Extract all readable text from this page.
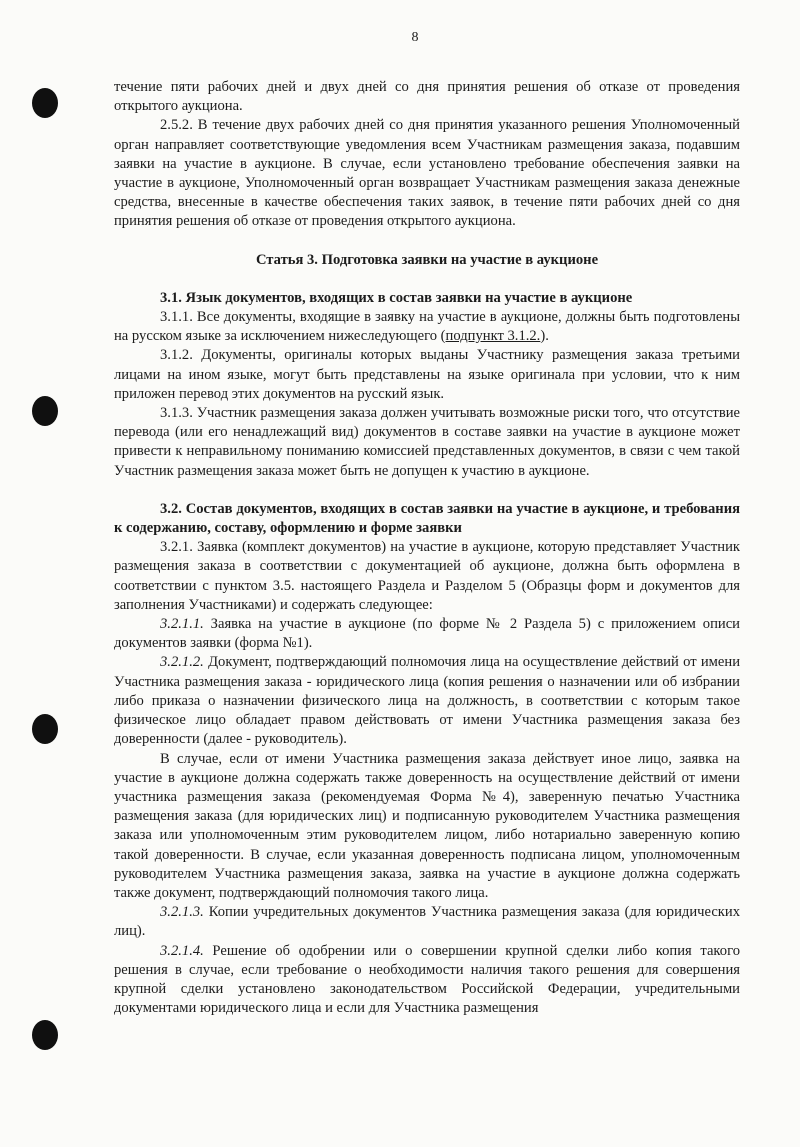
8

течение пяти рабочих дней и двух дней со дня принятия решения об отказе от проведения открытого аукциона.

2.5.2. В течение двух рабочих дней со дня принятия указанного решения Уполномоченный орган направляет соответствующие уведомления всем Участникам размещения заказа, подавшим заявки на участие в аукционе. В случае, если установлено требование обеспечения заявки на участие в аукционе, Уполномоченный орган возвращает Участникам размещения заказа денежные средства, внесенные в качестве обеспечения таких заявок, в течение пяти рабочих дней со дня принятия решения об отказе от проведения открытого аукциона.

Статья 3. Подготовка заявки на участие в аукционе

3.1. Язык документов, входящих в состав заявки на участие в аукционе

3.1.1. Все документы, входящие в заявку на участие в аукционе, должны быть подготовлены на русском языке за исключением нижеследующего (подпункт 3.1.2.).

3.1.2. Документы, оригиналы которых выданы Участнику размещения заказа третьими лицами на ином языке, могут быть представлены на языке оригинала при условии, что к ним приложен перевод этих документов на русский язык.

3.1.3. Участник размещения заказа должен учитывать возможные риски того, что отсутствие перевода (или его ненадлежащий вид) документов в составе заявки на участие в аукционе может привести к неправильному пониманию комиссией представленных документов, в связи с чем такой Участник размещения заказа может быть не допущен к участию в аукционе.

3.2. Состав документов, входящих в состав заявки на участие в аукционе, и требования к содержанию, составу, оформлению и форме заявки

3.2.1. Заявка (комплект документов) на участие в аукционе, которую представляет Участник размещения заказа в соответствии с документацией об аукционе, должна быть оформлена в соответствии с пунктом 3.5. настоящего Раздела и Разделом 5 (Образцы форм и документов для заполнения Участниками) и содержать следующее:

3.2.1.1. Заявка на участие в аукционе (по форме № 2 Раздела 5) с приложением описи документов заявки (форма №1).

3.2.1.2. Документ, подтверждающий полномочия лица на осуществление действий от имени Участника размещения заказа - юридического лица (копия решения о назначении или об избрании либо приказа о назначении физического лица на должность, в соответствии с которым такое физическое лицо обладает правом действовать от имени Участника размещения заказа без доверенности (далее - руководитель).

В случае, если от имени Участника размещения заказа действует иное лицо, заявка на участие в аукционе должна содержать также доверенность на осуществление действий от имени участника размещения заказа (рекомендуемая Форма №4), заверенную печатью Участника размещения заказа (для юридических лиц) и подписанную руководителем Участника размещения заказа или уполномоченным этим руководителем лицом, либо нотариально заверенную копию такой доверенности. В случае, если указанная доверенность подписана лицом, уполномоченным руководителем Участника размещения заказа, заявка на участие в аукционе должна содержать также документ, подтверждающий полномочия такого лица.

3.2.1.3. Копии учредительных документов Участника размещения заказа (для юридических лиц).

3.2.1.4. Решение об одобрении или о совершении крупной сделки либо копия такого решения в случае, если требование о необходимости наличия такого решения для совершения крупной сделки установлено законодательством Российской Федерации, учредительными документами юридического лица и если для Участника размещения
